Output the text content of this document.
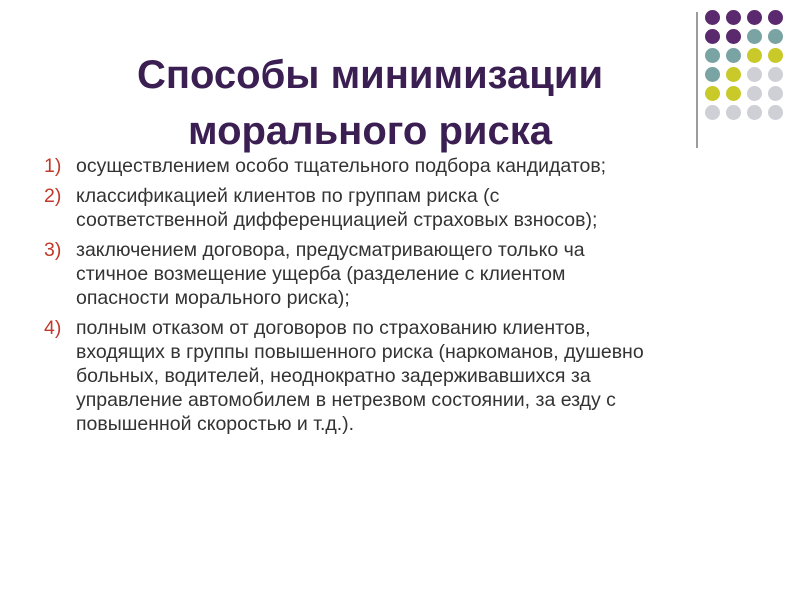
Способы минимизации
морального риска
1) осуществлением особо тщательного подбора кандидатов;
2) классификацией клиентов по группам риска (с
соответственной дифференциацией страховых взносов);
3) заключением договора, предусматривающего только ча
стичное возмещение ущерба (разделение с клиентом
опасности морального риска);
4) полным отказом от договоров по страхованию клиентов,
входящих в группы повышенного риска (наркоманов, душевно
больных, водителей, неоднократно задерживавшихся за
управление автомобилем в нетрезвом состоянии, за езду с
повышенной скоростью и т.д.).
